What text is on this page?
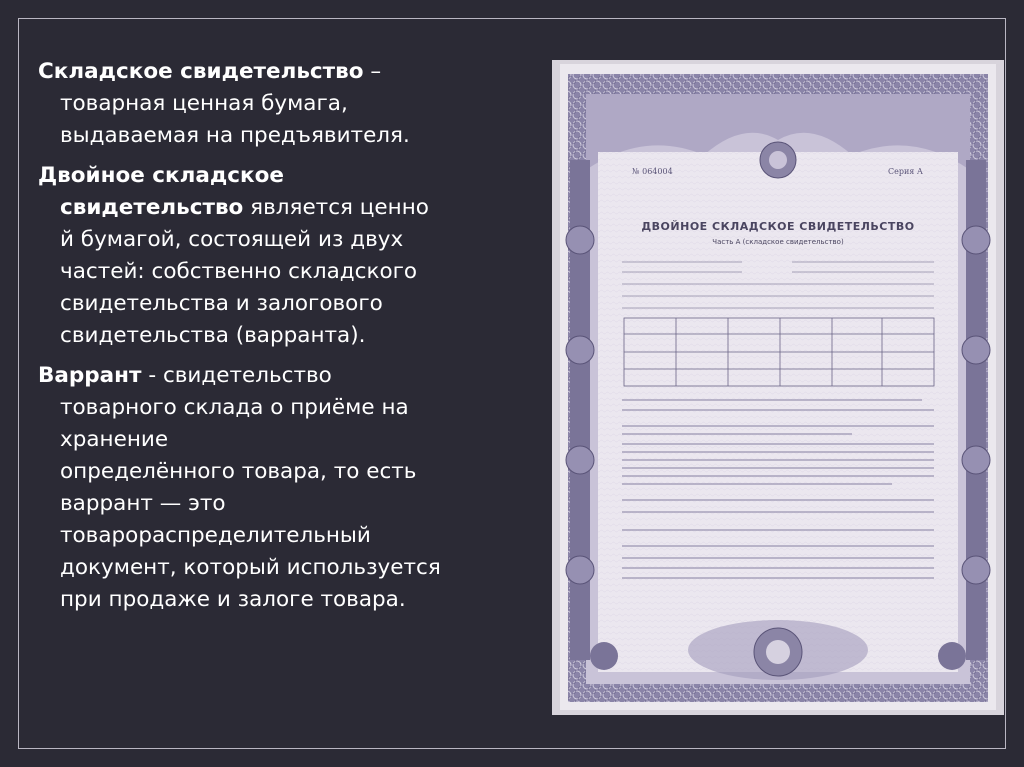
Складское свидетельство –
товарная ценная бумага,
выдаваемая на предъявителя.
Двойное складское
свидетельство является ценно
й бумагой, состоящей из двух
частей: собственно складского
свидетельства и залогового
свидетельства (варранта).
Варрант - свидетельство
товарного склада о приёме на
хранение
определённого товара, то есть
варрант — это
товарораспределительный
документ, который используется
при продаже и залоге товара.
№ 064004	Серия А
ДВОЙНОЕ СКЛАДСКОЕ СВИДЕТЕЛЬСТВО
Часть А (складское свидетельство)
